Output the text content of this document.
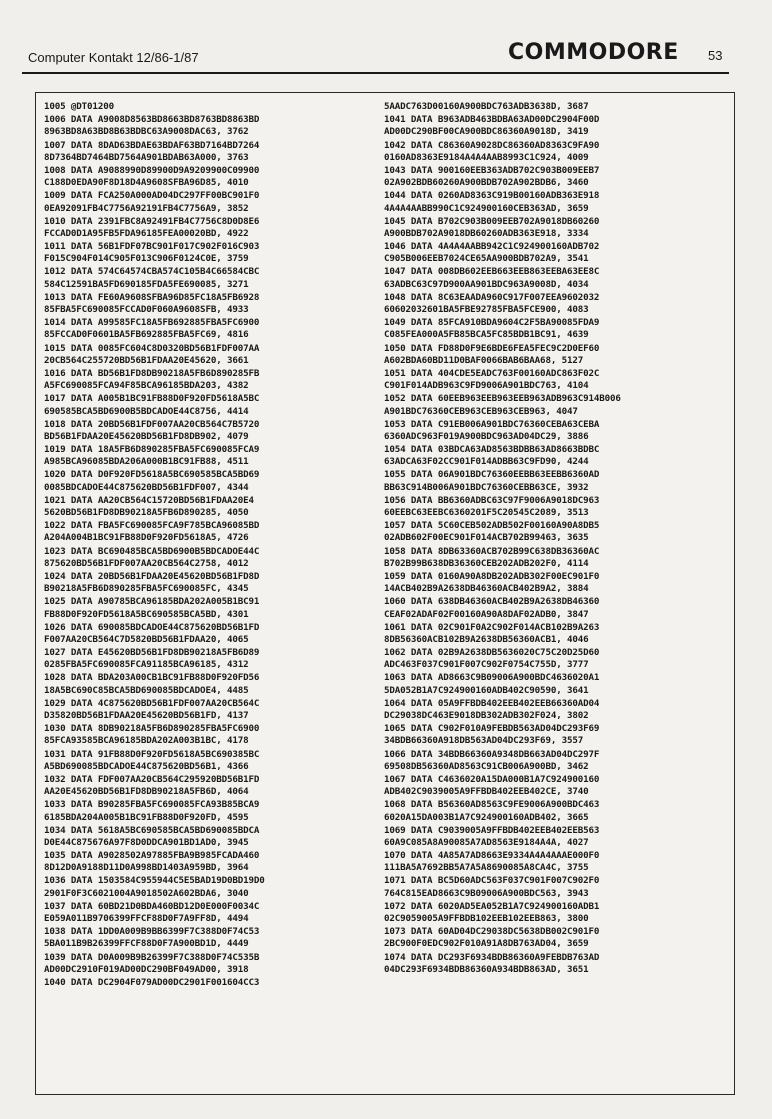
Computer Kontakt 12/86-1/87	COMMODORE 53
1005 @DT01200
1006 DATA A9008D8563BD8663BD8763BD8863BD
8963BD8A63BD8B63BDBC63A9008DAC63, 3762
1007 DATA 8DAD63BDAE63BDAF63BD7164BD7264
8D7364BD7464BD7564A901BDAB63A000, 3763
1008 DATA A9088990D89900D9A9209900C09900
C188D0EDA90F8D18D4A9608SFBA96D85, 4010
1009 DATA FCA250A000AD04DC297FF00BC901F0
0EA92091FB4C7756A92191FB4C7756A9, 3852
1010 DATA 2391FBC8A92491FB4C7756C8D0D8E6
FCCAD0D1A95FB5FDA96185FEA00020BD, 4922
1011 DATA 56B1FDF07BC901F017C902F016C903
F015C904F014C905F013C906F0124C0E, 3759
1012 DATA 574C64574CBA574C105B4C66584CBC
584C12591BA5FD690185FDA5FE690085, 3271
1013 DATA FE60A9608SFBA96D85FC18A5FB6928
85FBA5FC690085FCCAD0F060A9608SFB, 4933
1014 DATA A99585FC18A5FB692885FBA5FC6900
85FCCAD0F0601BA5FB692885FBA5FC69, 4816
1015 DATA 0085FC604C8D0320BD56B1FDF007AA
20CB564C255720BD56B1FDAA20E45620, 3661
1016 DATA BD56B1FD8DB90218A5FB6D890285FB
A5FC690085FCA94F85BCA96185BDA203, 4382
1017 DATA A005B1BC91FB88D0F920FD5618A5BC
690585BCA5BD6900B5BDCADOE44C8756, 4414
1018 DATA 20BD56B1FDF007AA20CB564C7B5720
BD56B1FDAA20E45620BD56B1FD8DB902, 4079
1019 DATA 18A5FB6D890285FBA5FC690085FCA9
A985BCA96085BDA206A000B1BC91FB88, 4511
1020 DATA D0F920FD5618A5BC690585BCA5BD69
0085BDCADOE44C875620BD56B1FDF007, 4344
1021 DATA AA20CB564C15720BD56B1FDAA20E4
5620BD56B1FD8DB90218A5FB6D890285, 4050
1022 DATA FBA5FC690085FCA9F785BCA96085BD
A204A004B1BC91FB88D0F920FD5618A5, 4726
1023 DATA BC690485BCA5BD6900B5BDCADOE44C
875620BD56B1FDF007AA20CB564C2758, 4012
1024 DATA 20BD56B1FDAA20E45620BD56B1FD8D
B90218A5FB6D890285FBA5FC690085FC, 4345
1025 DATA A90785BCA96185BDA202A005B1BC91
FB88D0F920FD5618A5BC690585BCA5BD, 4301
1026 DATA 690085BDCADOE44C875620BD56B1FD
F007AA20CB564C7D5820BD56B1FDAA20, 4065
1027 DATA E45620BD56B1FD8DB90218A5FB6D89
0285FBA5FC690085FCA91185BCA96185, 4312
1028 DATA BDA203A00CB1BC91FB88D0F920FD56
18A5BC690C85BCA5BD690085BDCADOE4, 4485
1029 DATA 4C875620BD56B1FDF007AA20CB564C
D35820BD56B1FDAA20E45620BD56B1FD, 4137
1030 DATA 8DB90218A5FB6D890285FBA5FC6900
85FCA93585BCA96185BDA202A003B1BC, 4178
1031 DATA 91FB88D0F920FD5618A5BC690385BC
A5BD690085BDCADOE44C875620BD56B1, 4366
1032 DATA FDF007AA20CB564C295920BD56B1FD
AA20E45620BD56B1FD8DB90218A5FB6D, 4064
1033 DATA B90285FBA5FC690085FCA93B85BCA9
6185BDA204A005B1BC91FB88D0F920FD, 4595
1034 DATA 5618A5BC690585BCA5BD690085BDCA
D0E44C875676A97F8D0DDCA901BD1AD0, 3945
1035 DATA A9028502A97885FBA9B985FCADA460
8D12D0A9188D11D0A998BD1403A959BD, 3964
1036 DATA 1503584C955944C5E5BAD19D0BD19D0
2901F0F3C6021004A9018502A602BDA6, 3040
1037 DATA 60BD21D0BDA460BD12D0E000F0034C
E059A011B9706399FFCF88D0F7A9FF8D, 4494
1038 DATA 1DD0A009B9BB6399F7C388D0F74C53
5BA011B9B26399FFCF88D0F7A900BD1D, 4449
1039 DATA D0A009B9B26399F7C388D0F74C535B
AD00DC2910F019AD00DC290BF049AD00, 3918
1040 DATA DC2904F079AD00DC2901F001604CC3
5AADC763D00160A900BDC763ADB3638D, 3687
1041 DATA B963ADB463BDBA63AD00DC2904F00D
AD00DC290BF00CA900BDC86360A9018D, 3419
1042 DATA C86360A9028DC86360AD8363C9FA90
0160AD8363E9184A4A4AAB8993C1C924, 4009
1043 DATA 900160EEB363ADB702C903B009EEB7
02A902BDB60260A900BDB702A902BDB6, 3460
1044 DATA 0260AD8363C919B00160ADB363E918
4A4A4AABB990C1C924900160CEB363AD, 3659
1045 DATA B702C903B009EEB702A9018DB60260
A900BDB702A9018DB60260ADB363E918, 3334
1046 DATA 4A4A4AABB942C1C924900160ADB702
C905B006EEB7024CE65AA900BDB702A9, 3541
1047 DATA 008DB602EEB663EEB863EEBA63EE8C
63ADBC63C97D900AA901BDC963A9008D, 4034
1048 DATA 8C63EAADA960C917F007EEA9602032
60602032601BA5FBE92785FBA5FCE900, 4083
1049 DATA 85FCA910BDA9604C2F5BA90085FDA9
C085FEA000A5FB85BCA5FC85BDB1BC91, 4639
1050 DATA FD88D0F9E6BDE6FEA5FEC9C2D0EF60
A602BDA60BD11D0BAF0066BAB6BAA68, 5127
1051 DATA 404CDE5EADC763F00160ADC863F02C
C901F014ADB963C9FD9006A901BDC763, 4104
1052 DATA 60EEB963EEB963EEB963ADB963C914B006
A901BDC76360CEB963CEB963CEB963, 4047
1053 DATA C91EB006A901BDC76360CEBA63CEBA
6360ADC963F019A900BDC963AD04DC29, 3886
1054 DATA 03BDCA63AD8563BDBB63AD8663BDBC
63ADCA63F02CC901F014ADBB63C9FD90, 4244
1055 DATA 06A901BDC76360EEBB63EEBB6360AD
BB63C914B006A901BDC76360CEBB63CE, 3932
1056 DATA BB6360ADBC63C97F9006A9018DC963
60EEBC63EEBC6360201F5C20545C2089, 3513
1057 DATA 5C60CEB502ADB502F00160A90A8DB5
02ADB602F00EC901F014ACB702B99463, 3635
1058 DATA 8DB63360ACB702B99C638DB36360AC
B702B99B638DB36360CEB202ADB202F0, 4114
1059 DATA 0160A90A8DB202ADB302F00EC901F0
14ACB402B9A2638DB46360ACB402B9A2, 3884
1060 DATA 638DB46360ACB402B9A2638DB46360
CEAF02ADAF02F00160A90A8DAF02ADB0, 3847
1061 DATA 02C901F0A2C902F014ACB102B9A263
8DB56360ACB102B9A2638DB56360ACB1, 4046
1062 DATA 02B9A2638DB5636020C75C20D25D60
ADC463F037C901F007C902F0754C755D, 3777
1063 DATA AD8663C9B09006A900BDC4636020A1
5DA052B1A7C924900160ADB402C90590, 3641
1064 DATA 05A9FFBDB402EEB402EEB66360AD04
DC29038DC463E9018DB302ADB302F024, 3802
1065 DATA C902F010A9FEBDB563AD04DC293F69
34BDB66360A918DB563AD04DC293F69, 3557
1066 DATA 34BDB66360A9348DB663AD04DC297F
69508DB56360AD8563C91CB006A900BD, 3462
1067 DATA C4636020A15DA000B1A7C924900160
ADB402C9039005A9FFBDB402EEB402CE, 3740
1068 DATA B56360AD8563C9FE9006A900BDC463
6020A15DA003B1A7C924900160ADB402, 3665
1069 DATA C9039005A9FFBDB402EEB402EEB563
60A9C085A8A90085A7AD8563E9184A4A, 4027
1070 DATA 4A85A7AD8663E9334A4A4AAAE000F0
111BA5A7692BB5A7A5A8690085A8CA4C, 3755
1071 DATA BC5D60ADC563F037C901F007C902F0
764C815EAD8663C9B09006A900BDC563, 3943
1072 DATA 6020AD5EA052B1A7C924900160ADB1
02C9059005A9FFBDB102EEB102EEB863, 3800
1073 DATA 60AD04DC29038DC5638DB002C901F0
2BC900F0EDC902F010A91A8DB763AD04, 3659
1074 DATA DC293F6934BDB86360A9FEBDB763AD
04DC293F6934BDB86360A934BDB863AD, 3651
